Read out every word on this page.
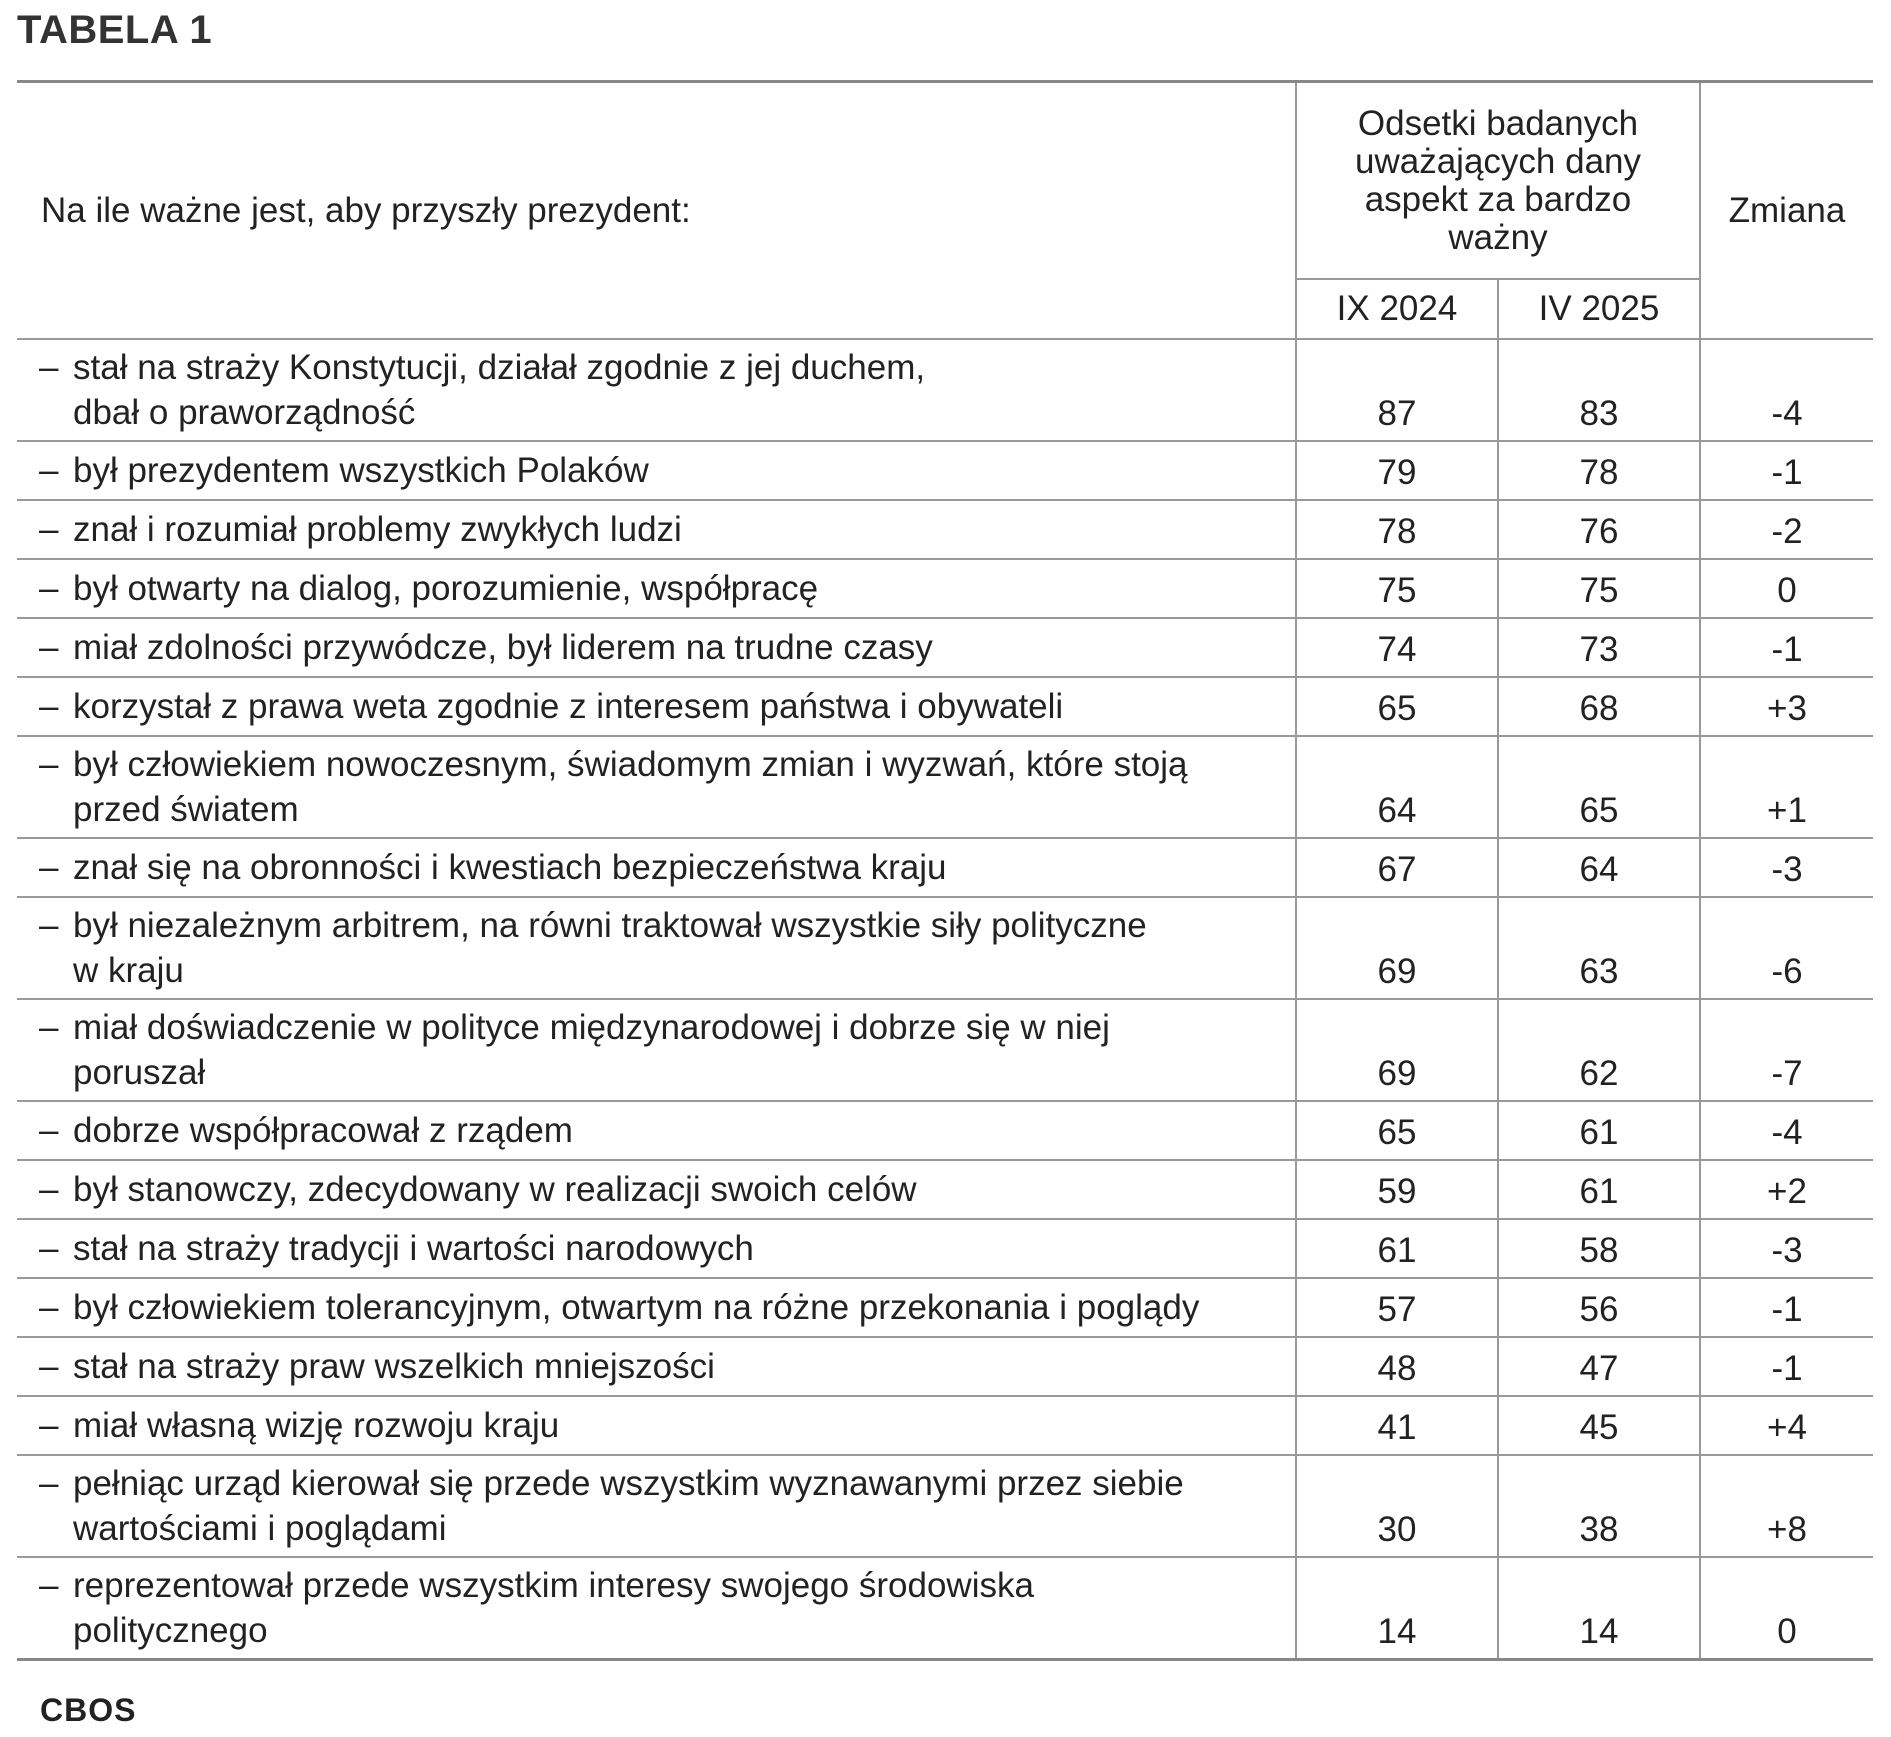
TABELA 1
Na ile ważne jest, aby przyszły prezydent:	Odsetki badanych
uważających dany
aspekt za bardzo
ważny		Zmiana
	IX 2024	IV 2025	

– stał na straży Konstytucji, działał zgodnie z jej duchem,
dbał o praworządność	87	83	-4

– był prezydentem wszystkich Polaków	79	78	-1

– znał i rozumiał problemy zwykłych ludzi	78	76	-2

– był otwarty na dialog, porozumienie, współpracę	75	75	0

– miał zdolności przywódcze, był liderem na trudne czasy	74	73	-1

– korzystał z prawa weta zgodnie z interesem państwa i obywateli	65	68	+3

– był człowiekiem nowoczesnym, świadomym zmian i wyzwań, które stoją
przed światem	64	65	+1

– znał się na obronności i kwestiach bezpieczeństwa kraju	67	64	-3

– był niezależnym arbitrem, na równi traktował wszystkie siły polityczne
w kraju	69	63	-6

– miał doświadczenie w polityce międzynarodowej i dobrze się w niej
poruszał	69	62	-7

– dobrze współpracował z rządem	65	61	-4

– był stanowczy, zdecydowany w realizacji swoich celów	59	61	+2

– stał na straży tradycji i wartości narodowych	61	58	-3

– był człowiekiem tolerancyjnym, otwartym na różne przekonania i poglądy	57	56	-1

– stał na straży praw wszelkich mniejszości	48	47	-1

– miał własną wizję rozwoju kraju	41	45	+4

– pełniąc urząd kierował się przede wszystkim wyznawanymi przez siebie
wartościami i poglądami	30	38	+8

– reprezentował przede wszystkim interesy swojego środowiska
politycznego	14	14	0
CBOS
